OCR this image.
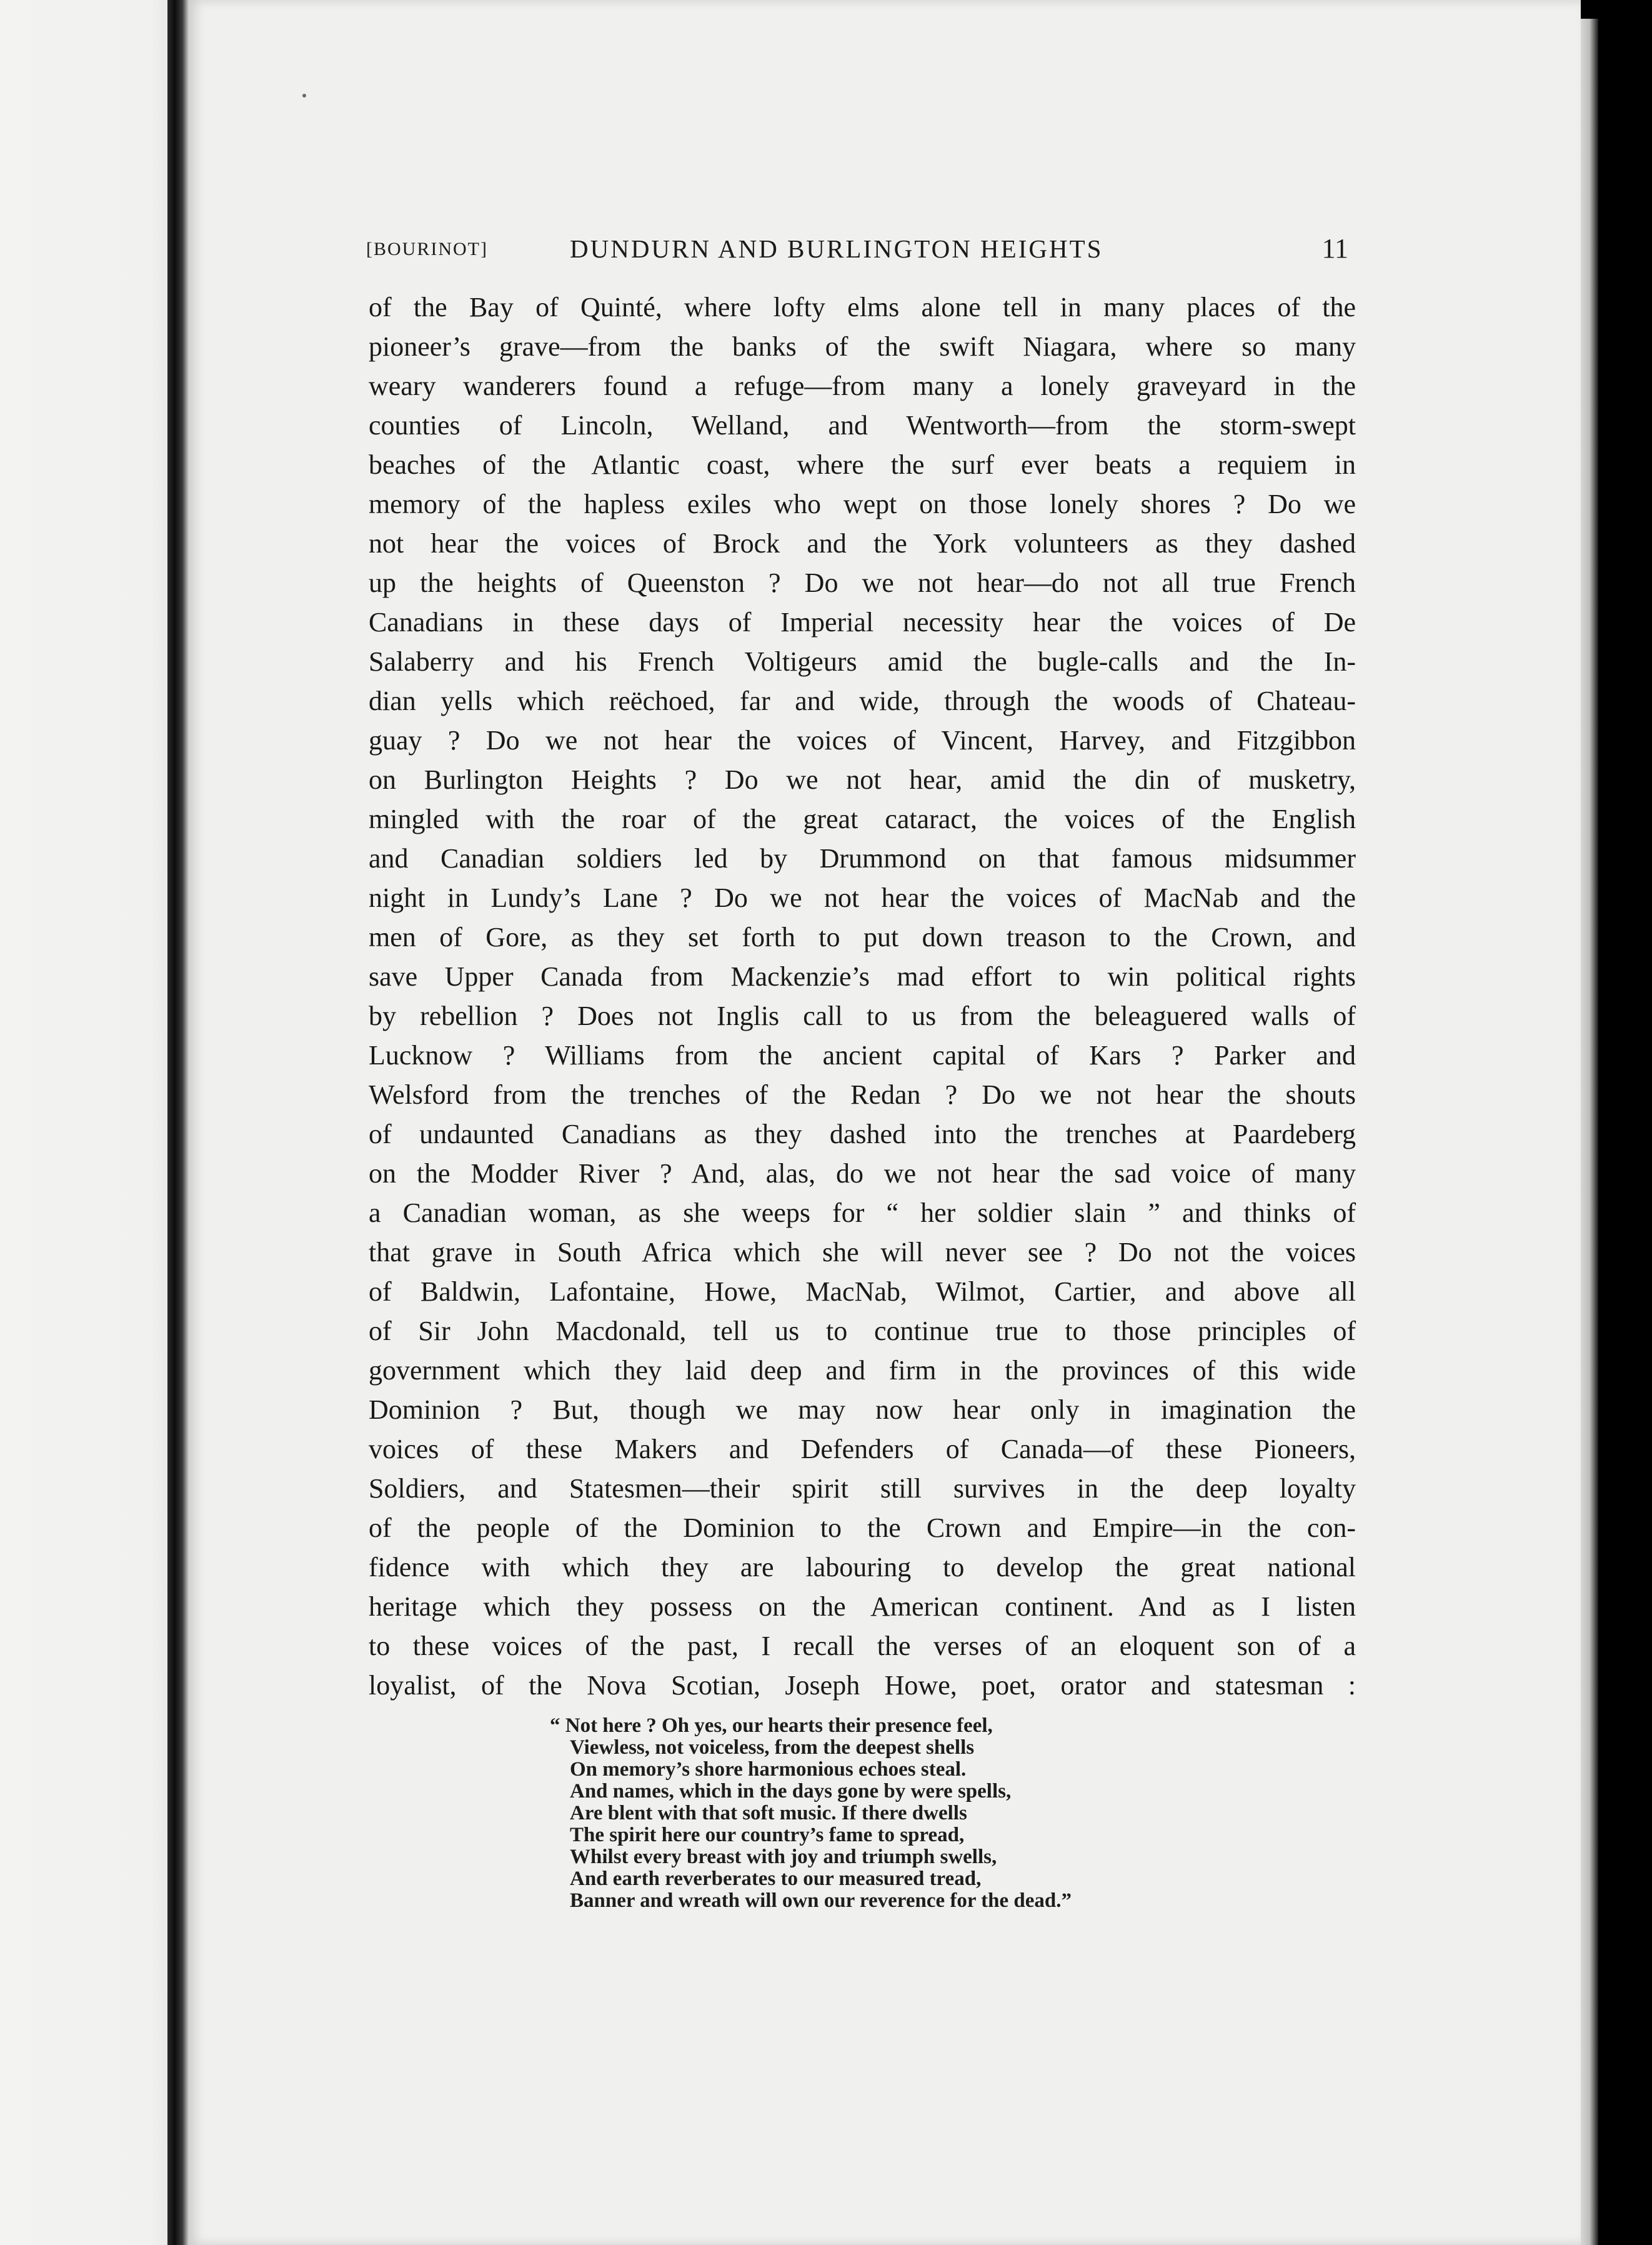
[BOURINOT]	DUNDURN AND BURLINGTON HEIGHTS	11
of the Bay of Quinté, where lofty elms alone tell in many places of the
pioneer’s grave—from the banks of the swift Niagara, where so many
weary wanderers found a refuge—from many a lonely graveyard in the
counties of Lincoln, Welland, and Wentworth—from the storm-swept
beaches of the Atlantic coast, where the surf ever beats a requiem in
memory of the hapless exiles who wept on those lonely shores ? Do we
not hear the voices of Brock and the York volunteers as they dashed
up the heights of Queenston ? Do we not hear—do not all true French
Canadians in these days of Imperial necessity hear the voices of De
Salaberry and his French Voltigeurs amid the bugle-calls and the In-
dian yells which reëchoed, far and wide, through the woods of Chateau-
guay ? Do we not hear the voices of Vincent, Harvey, and Fitzgibbon
on Burlington Heights ? Do we not hear, amid the din of musketry,
mingled with the roar of the great cataract, the voices of the English
and Canadian soldiers led by Drummond on that famous midsummer
night in Lundy’s Lane ? Do we not hear the voices of MacNab and the
men of Gore, as they set forth to put down treason to the Crown, and
save Upper Canada from Mackenzie’s mad effort to win political rights
by rebellion ? Does not Inglis call to us from the beleaguered walls of
Lucknow ? Williams from the ancient capital of Kars ? Parker and
Welsford from the trenches of the Redan ? Do we not hear the shouts
of undaunted Canadians as they dashed into the trenches at Paardeberg
on the Modder River ? And, alas, do we not hear the sad voice of many
a Canadian woman, as she weeps for “ her soldier slain ” and thinks of
that grave in South Africa which she will never see ? Do not the voices
of Baldwin, Lafontaine, Howe, MacNab, Wilmot, Cartier, and above all
of Sir John Macdonald, tell us to continue true to those principles of
government which they laid deep and firm in the provinces of this wide
Dominion ? But, though we may now hear only in imagination the
voices of these Makers and Defenders of Canada—of these Pioneers,
Soldiers, and Statesmen—their spirit still survives in the deep loyalty
of the people of the Dominion to the Crown and Empire—in the con-
fidence with which they are labouring to develop the great national
heritage which they possess on the American continent. And as I listen
to these voices of the past, I recall the verses of an eloquent son of a
loyalist, of the Nova Scotian, Joseph Howe, poet, orator and statesman :
“ Not here ? Oh yes, our hearts their presence feel,
Viewless, not voiceless, from the deepest shells
On memory’s shore harmonious echoes steal.
And names, which in the days gone by were spells,
Are blent with that soft music. If there dwells
The spirit here our country’s fame to spread,
Whilst every breast with joy and triumph swells,
And earth reverberates to our measured tread,
Banner and wreath will own our reverence for the dead.”
